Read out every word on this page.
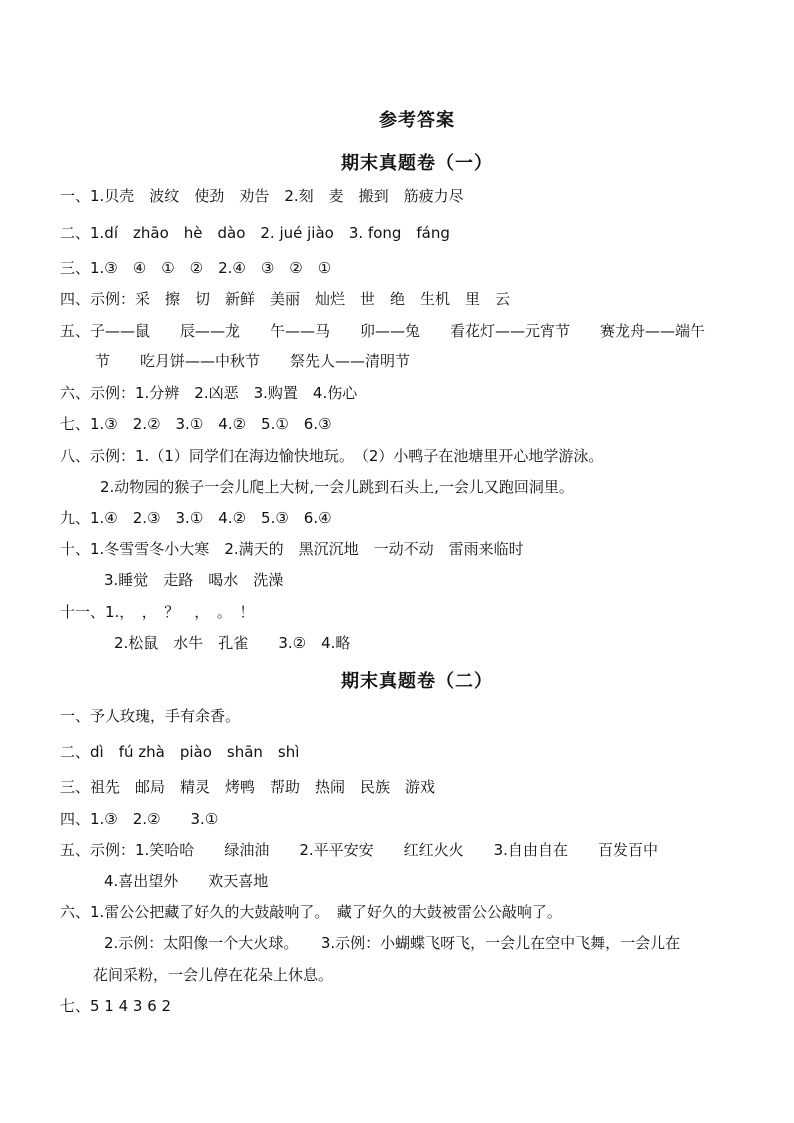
参考答案
期末真题卷（一）
一、1.贝壳　波纹　使劲　劝告　2.刻　麦　搬到　筋疲力尽
二、1.dí　zhāo　hè　dào　2. jué jiào　3. fong　fáng
三、1.③　④　①　②　2.④　③　②　①
四、示例：采　擦　切　新鲜　美丽　灿烂　世　绝　生机　里　云
五、子——鼠　　辰——龙　　午——马　　卯——兔　　看花灯——元宵节　　赛龙舟——端午
节　　吃月饼——中秋节　　祭先人——清明节
六、示例：1.分辨　2.凶恶　3.购置　4.伤心
七、1.③　2.②　3.①　4.②　5.①　6.③
八、示例：1.（1）同学们在海边愉快地玩。　（2）小鸭子在池塘里开心地学游泳。
2.动物园的猴子一会儿爬上大树,一会儿跳到石头上,一会儿又跑回洞里。
九、1.④　2.③　3.①　4.②　5.③　6.④
十、1.冬雪雪冬小大寒　2.满天的　黑沉沉地　一动不动　雷雨来临时
3.睡觉　走路　喝水　洗澡
十一、1.，　，　？　，　。　！
2.松鼠　水牛　孔雀　　3.②　4.略
期末真题卷（二）
一、予人玫瑰，手有余香。
二、dì　fú zhà　piào　shān　shì
三、祖先　邮局　精灵　烤鸭　帮助　热闹　民族　游戏
四、1.③　2.②　　3.①
五、示例：1.笑哈哈　　绿油油　　2.平平安安　　红红火火　　3.自由自在　　百发百中
4.喜出望外　　欢天喜地
六、1.雷公公把藏了好久的大鼓敲响了。　藏了好久的大鼓被雷公公敲响了。
2.示例：太阳像一个大火球。　　3.示例：小蝴蝶飞呀飞，一会儿在空中飞舞，一会儿在
花间采粉，一会儿停在花朵上休息。
七、5 1 4 3 6 2
